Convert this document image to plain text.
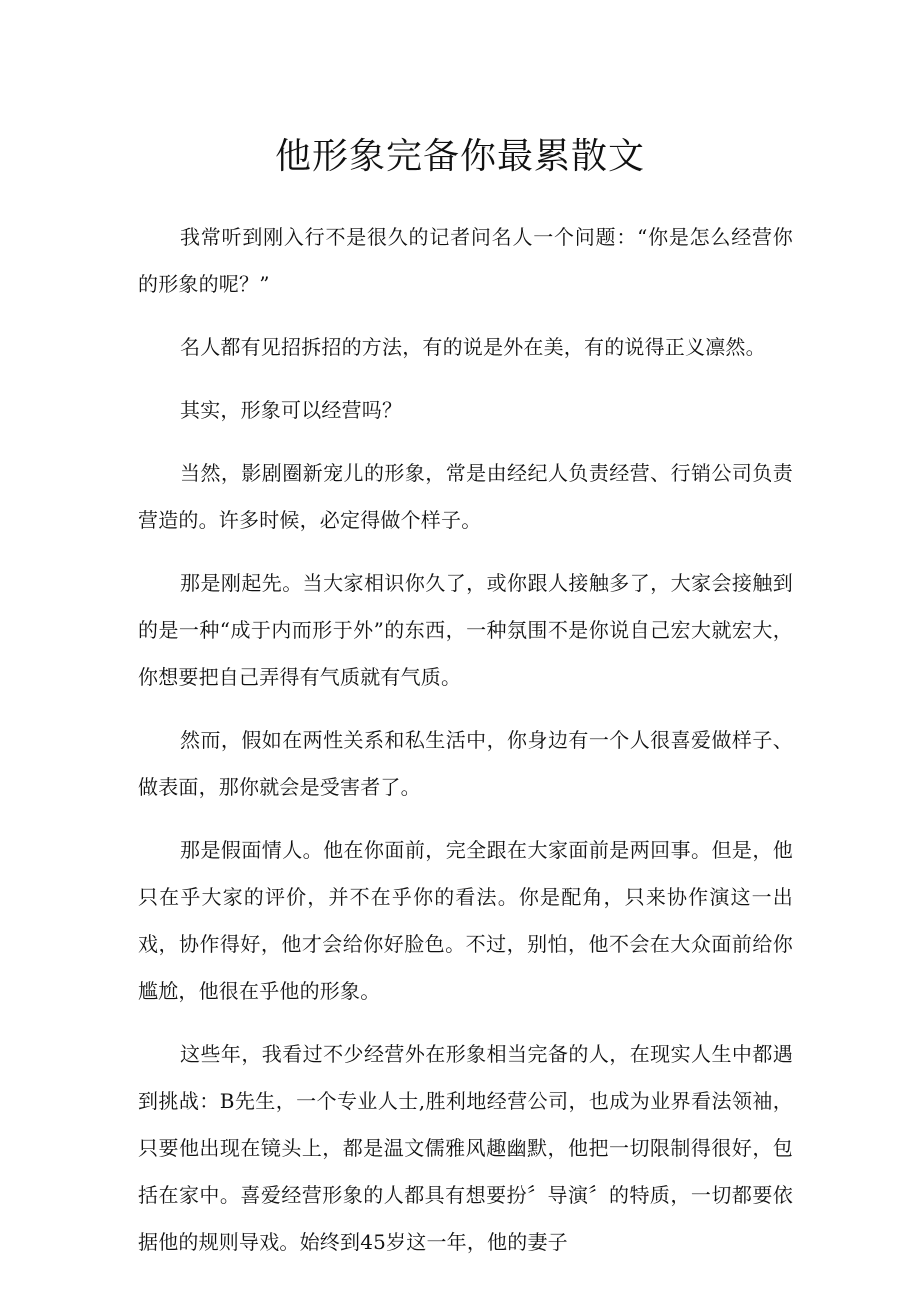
他形象完备你最累散文

我常听到刚入行不是很久的记者问名人一个问题：“你是怎么经营你的形象的呢？”

名人都有见招拆招的方法，有的说是外在美，有的说得正义凛然。

其实，形象可以经营吗？

当然，影剧圈新宠儿的形象，常是由经纪人负责经营、行销公司负责营造的。许多时候，必定得做个样子。

那是刚起先。当大家相识你久了，或你跟人接触多了，大家会接触到的是一种“成于内而形于外”的东西，一种氛围不是你说自己宏大就宏大，你想要把自己弄得有气质就有气质。

然而，假如在两性关系和私生活中，你身边有一个人很喜爱做样子、做表面，那你就会是受害者了。

那是假面情人。他在你面前，完全跟在大家面前是两回事。但是，他只在乎大家的评价，并不在乎你的看法。你是配角，只来协作演这一出戏，协作得好，他才会给你好脸色。不过，别怕，他不会在大众面前给你尴尬，他很在乎他的形象。

这些年，我看过不少经营外在形象相当完备的人，在现实人生中都遇到挑战：B先生，一个专业人士,胜利地经营公司，也成为业界看法领袖，只要他出现在镜头上，都是温文儒雅风趣幽默，他把一切限制得很好，包括在家中。喜爱经营形象的人都具有想要扮〞导演〞的特质，一切都要依据他的规则导戏。始终到45岁这一年，他的妻子
